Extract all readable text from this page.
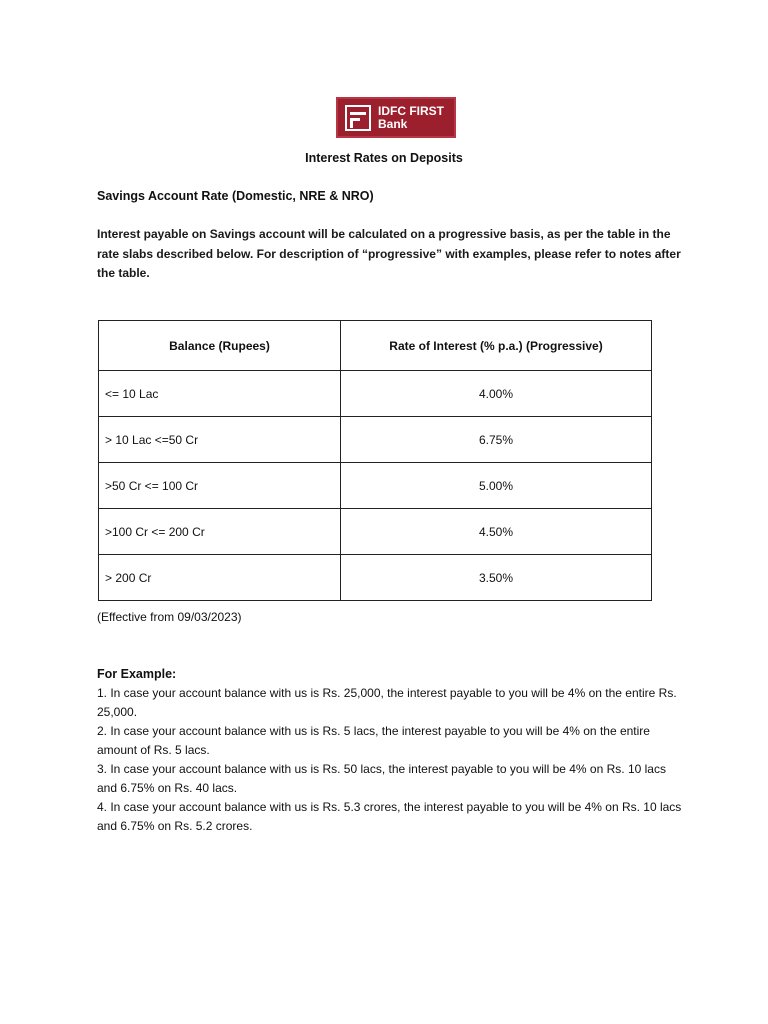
IDFC FIRST
Bank
Interest Rates on Deposits
Savings Account Rate (Domestic, NRE & NRO)
Interest payable on Savings account will be calculated on a progressive basis, as per the table in the rate slabs described below. For description of “progressive” with examples, please refer to notes after the table.
Balance (Rupees)	Rate of Interest (% p.a.) (Progressive)
<= 10 Lac	4.00%
> 10 Lac <=50 Cr	6.75%
>50 Cr <= 100 Cr	5.00%
>100 Cr <= 200 Cr	4.50%
> 200 Cr	3.50%
(Effective from 09/03/2023)
For Example:

1. In case your account balance with us is Rs. 25,000, the interest payable to you will be 4% on the entire Rs. 25,000.

2. In case your account balance with us is Rs. 5 lacs, the interest payable to you will be 4% on the entire amount of Rs. 5 lacs.

3. In case your account balance with us is Rs. 50 lacs, the interest payable to you will be 4% on Rs. 10 lacs and 6.75% on Rs. 40 lacs.

4. In case your account balance with us is Rs. 5.3 crores, the interest payable to you will be 4% on Rs. 10 lacs and 6.75% on Rs. 5.2 crores.
